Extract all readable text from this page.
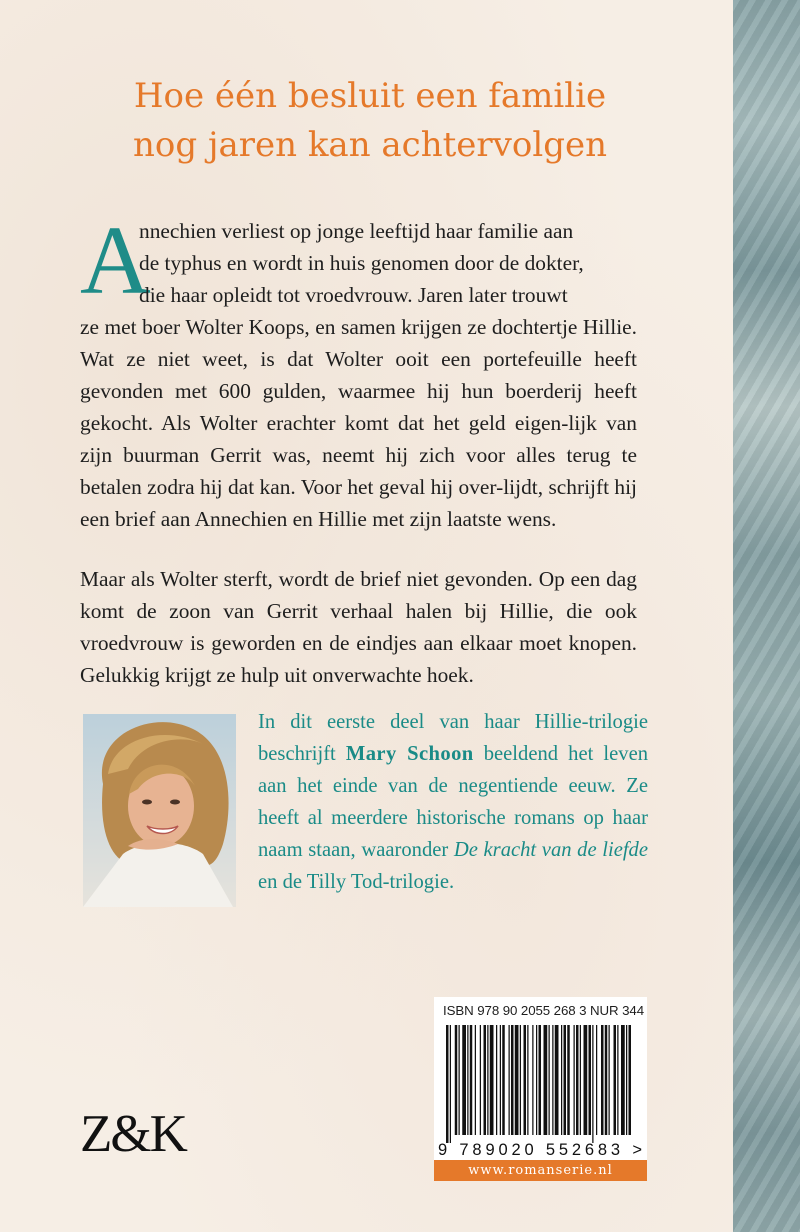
Hoe één besluit een familie
nog jaren kan achtervolgen
A

nnechien verliest op jonge leeftijd haar familie aan
de typhus en wordt in huis genomen door de dokter,
die haar opleidt tot vroedvrouw. Jaren later trouwt
ze met boer Wolter Koops, en samen krijgen ze dochtertje Hillie. Wat ze niet weet, is dat Wolter ooit een portefeuille heeft gevonden met 600 gulden, waarmee hij hun boerderij heeft gekocht. Als Wolter erachter komt dat het geld eigen-lijk van zijn buurman Gerrit was, neemt hij zich voor alles terug te betalen zodra hij dat kan. Voor het geval hij over-lijdt, schrijft hij een brief aan Annechien en Hillie met zijn laatste wens.

Maar als Wolter sterft, wordt de brief niet gevonden. Op een dag komt de zoon van Gerrit verhaal halen bij Hillie, die ook vroedvrouw is geworden en de eindjes aan elkaar moet knopen. Gelukkig krijgt ze hulp uit onverwachte hoek.

In dit eerste deel van haar Hillie-trilogie beschrijft Mary Schoon beeldend het leven aan het einde van de negentiende eeuw. Ze heeft al meerdere historische romans op haar naam staan, waaronder De kracht van de liefde en de Tilly Tod-trilogie.

ISBN 978 90 2055 268 3 NUR 344
9 789020 552683 >
www.romanserie.nl
Z&K
